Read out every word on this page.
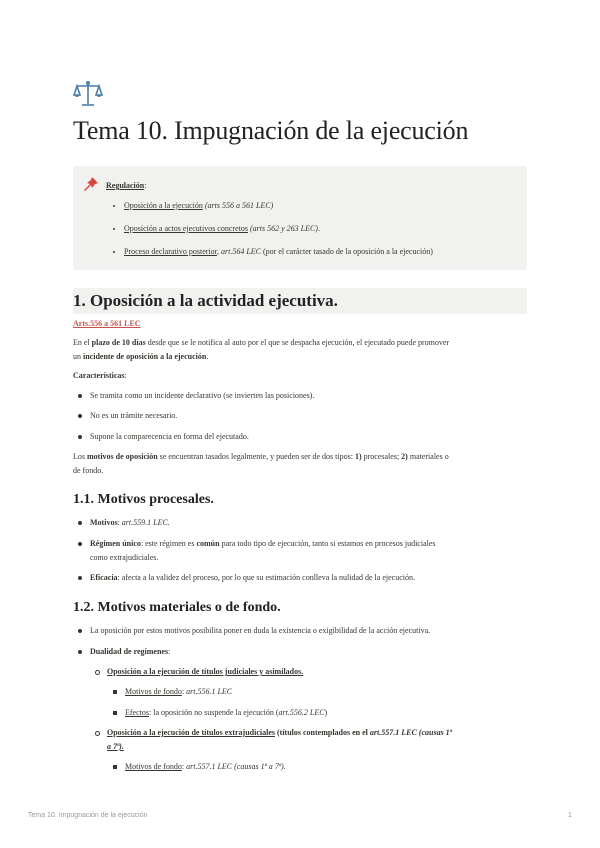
Tema 10. Impugnación de la ejecución
Regulación:
• Oposición a la ejecución (arts 556 a 561 LEC)
• Oposición a actos ejecutivos concretos (arts 562 y 263 LEC).
• Proceso declarativo posterior, art.564 LEC (por el carácter tasado de la oposición a la ejecución)
1. Oposición a la actividad ejecutiva.
Arts.556 a 561 LEC
En el plazo de 10 días desde que se le notifica al auto por el que se despacha ejecución, el ejecutado puede promover
un incidente de oposición a la ejecución.
Características:
Se tramita como un incidente declarativo (se invierten las posiciones).
No es un trámite necesario.
Supone la comparecencia en forma del ejecutado.
Los motivos de oposición se encuentran tasados legalmente, y pueden ser de dos tipos: 1) procesales; 2) materiales o
de fondo.
1.1. Motivos procesales.
Motivos: art.559.1 LEC.
Régimen único: este régimen es común para todo tipo de ejecución, tanto si estamos en procesos judiciales
como extrajudiciales.
Eficacia: afecta a la validez del proceso, por lo que su estimación conlleva la nulidad de la ejecución.
1.2. Motivos materiales o de fondo.
La oposición por estos motivos posibilita poner en duda la existencia o exigibilidad de la acción ejecutiva.
Dualidad de regímenes:
Oposición a la ejecución de títulos judiciales y asimilados.
Motivos de fondo: art.556.1 LEC
Efectos: la oposición no suspende la ejecución (art.556.2 LEC)
Oposición a la ejecución de títulos extrajudiciales (títulos contemplados en el art.557.1 LEC (causas 1ª
a 7ª).
Motivos de fondo: art.557.1 LEC (causas 1ª a 7ª).
Tema 10. Impugnación de la ejecución	1
